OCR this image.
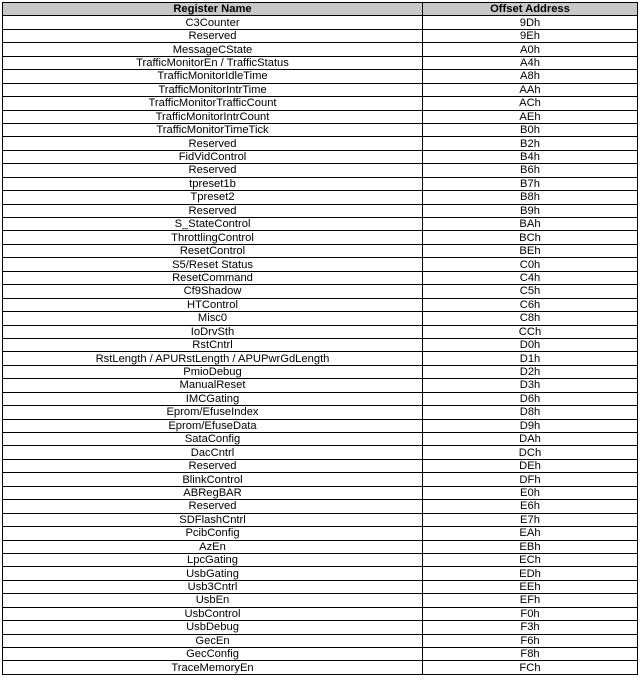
Register Name	Offset Address
C3Counter	9Dh
Reserved	9Eh
MessageCState	A0h
TrafficMonitorEn / TrafficStatus	A4h
TrafficMonitorIdleTime	A8h
TrafficMonitorIntrTime	AAh
TrafficMonitorTrafficCount	ACh
TrafficMonitorIntrCount	AEh
TrafficMonitorTimeTick	B0h
Reserved	B2h
FidVidControl	B4h
Reserved	B6h
tpreset1b	B7h
Tpreset2	B8h
Reserved	B9h
S_StateControl	BAh
ThrottlingControl	BCh
ResetControl	BEh
S5/Reset Status	C0h
ResetCommand	C4h
Cf9Shadow	C5h
HTControl	C6h
Misc0	C8h
IoDrvSth	CCh
RstCntrl	D0h
RstLength / APURstLength / APUPwrGdLength	D1h
PmioDebug	D2h
ManualReset	D3h
IMCGating	D6h
Eprom/EfuseIndex	D8h
Eprom/EfuseData	D9h
SataConfig	DAh
DacCntrl	DCh
Reserved	DEh
BlinkControl	DFh
ABRegBAR	E0h
Reserved	E6h
SDFlashCntrl	E7h
PcibConfig	EAh
AzEn	EBh
LpcGating	ECh
UsbGating	EDh
Usb3Cntrl	EEh
UsbEn	EFh
UsbControl	F0h
UsbDebug	F3h
GecEn	F6h
GecConfig	F8h
TraceMemoryEn	FCh
